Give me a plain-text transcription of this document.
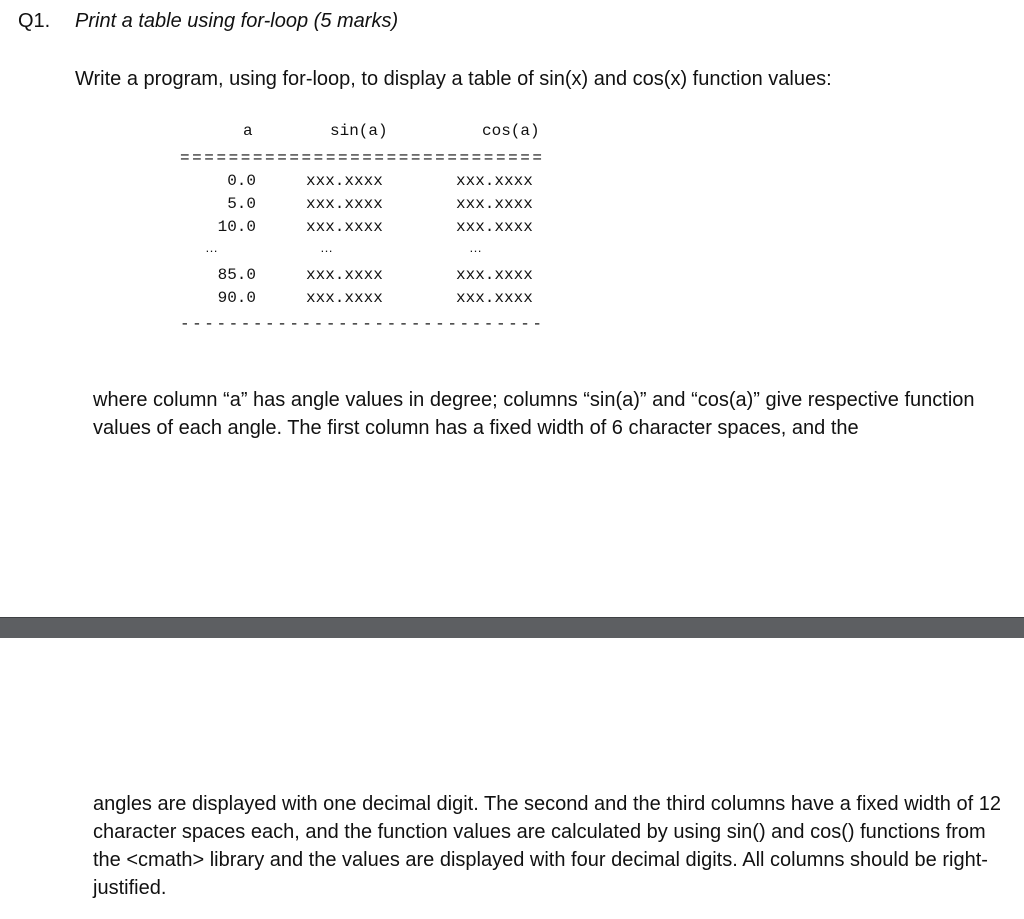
Q1. Print a table using for-loop (5 marks)
Write a program, using for-loop, to display a table of sin(x) and cos(x) function values:
a	sin(a)	cos(a)
==============================
0.0	xxx.xxxx	xxx.xxxx
5.0	xxx.xxxx	xxx.xxxx
10.0	xxx.xxxx	xxx.xxxx
…	…	…
85.0	xxx.xxxx	xxx.xxxx
90.0	xxx.xxxx	xxx.xxxx
------------------------------

where column “a” has angle values in degree; columns “sin(a)” and “cos(a)” give respective function values of each angle. The first column has a fixed width of 6 character spaces, and the

angles are displayed with one decimal digit. The second and the third columns have a fixed width of 12 character spaces each, and the function values are calculated by using sin() and cos() functions from the <cmath> library and the values are displayed with four decimal digits. All columns should be right-justified.
